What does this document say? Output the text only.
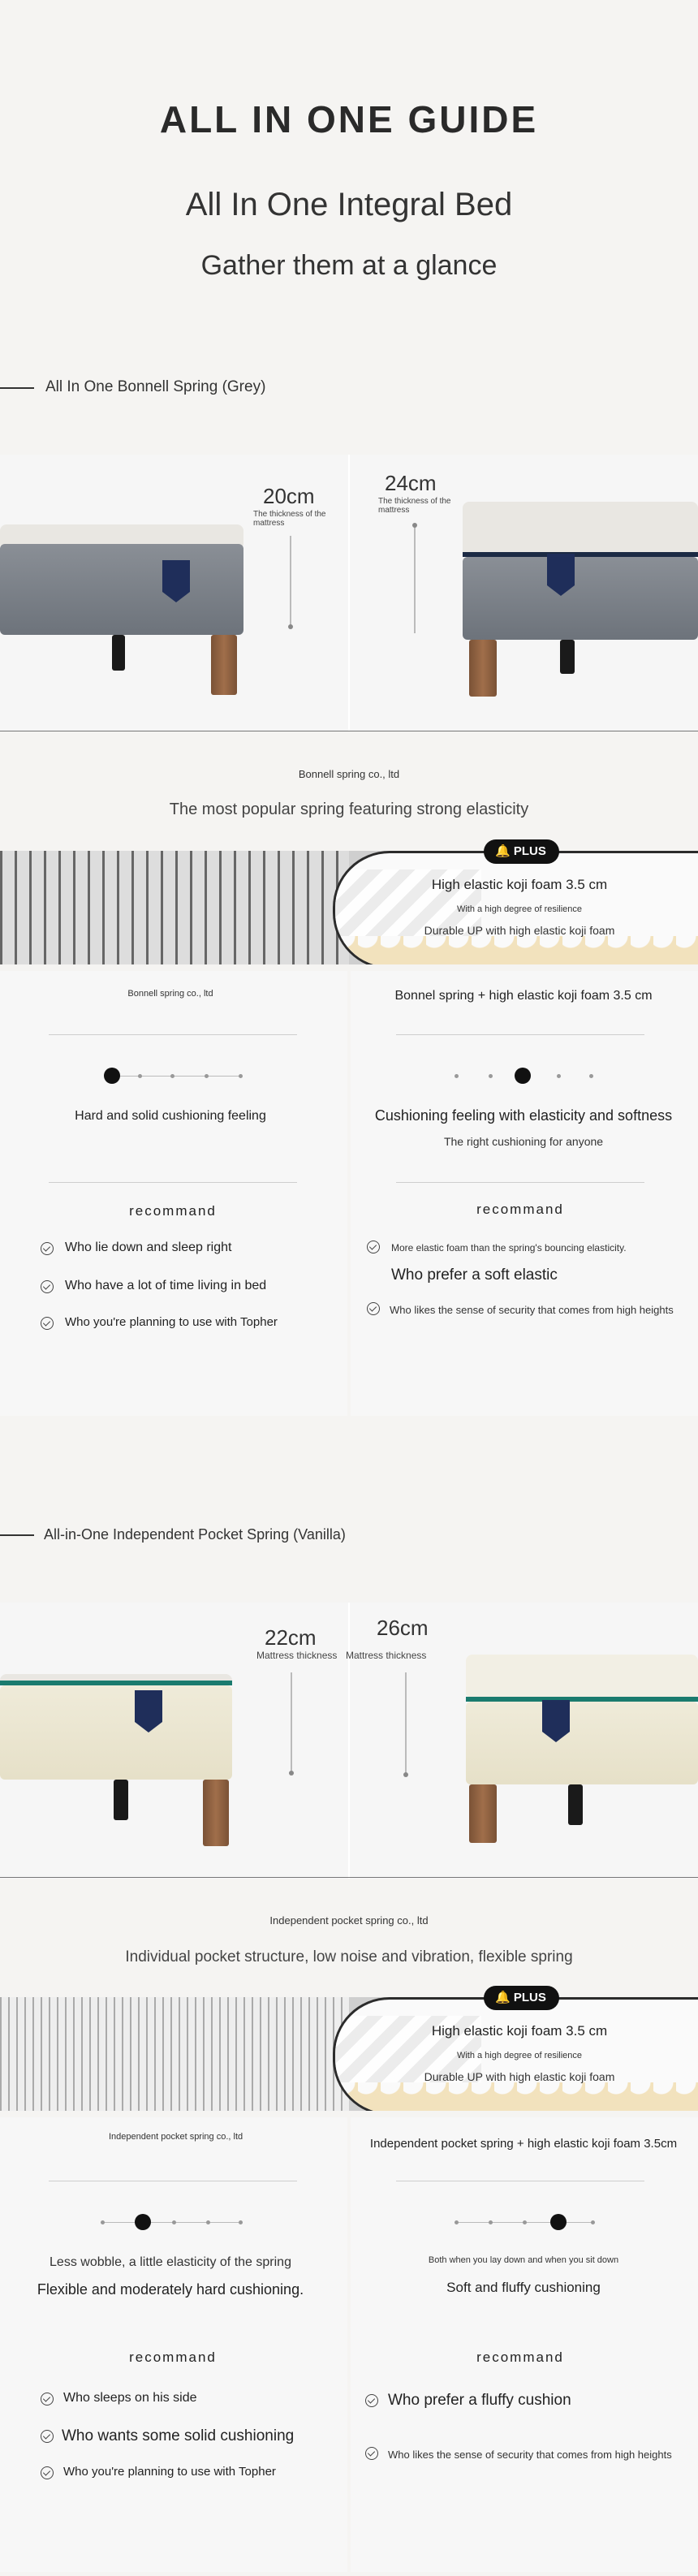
ALL IN ONE GUIDE
All In One Integral Bed
Gather them at a glance
All In One Bonnell Spring (Grey)
20cm
The thickness of the mattress
24cm
The thickness of the mattress
Bonnell spring co., ltd
The most popular spring featuring strong elasticity
🔔 PLUS
High elastic koji foam 3.5 cm
With a high degree of resilience
Durable UP with high elastic koji foam
Bonnell spring co., ltd	Bonnel spring + high elastic koji foam 3.5 cm
Hard and solid cushioning feeling	Cushioning feeling with elasticity and softness
The right cushioning for anyone
recommand	recommand
Who lie down and sleep right
Who have a lot of time living in bed
Who you're planning to use with Topher
More elastic foam than the spring's bouncing elasticity.
Who prefer a soft elastic
Who likes the sense of security that comes from high heights
All-in-One Independent Pocket Spring (Vanilla)
22cm
Mattress thickness
26cm
Mattress thickness
Independent pocket spring co., ltd
Individual pocket structure, low noise and vibration, flexible spring
🔔 PLUS
High elastic koji foam 3.5 cm
With a high degree of resilience
Durable UP with high elastic koji foam
Independent pocket spring co., ltd	Independent pocket spring + high elastic koji foam 3.5cm
Less wobble, a little elasticity of the spring
Flexible and moderately hard cushioning.
Both when you lay down and when you sit down
Soft and fluffy cushioning
recommand	recommand
Who sleeps on his side
Who wants some solid cushioning
Who you're planning to use with Topher
Who prefer a fluffy cushion
Who likes the sense of security that comes from high heights
